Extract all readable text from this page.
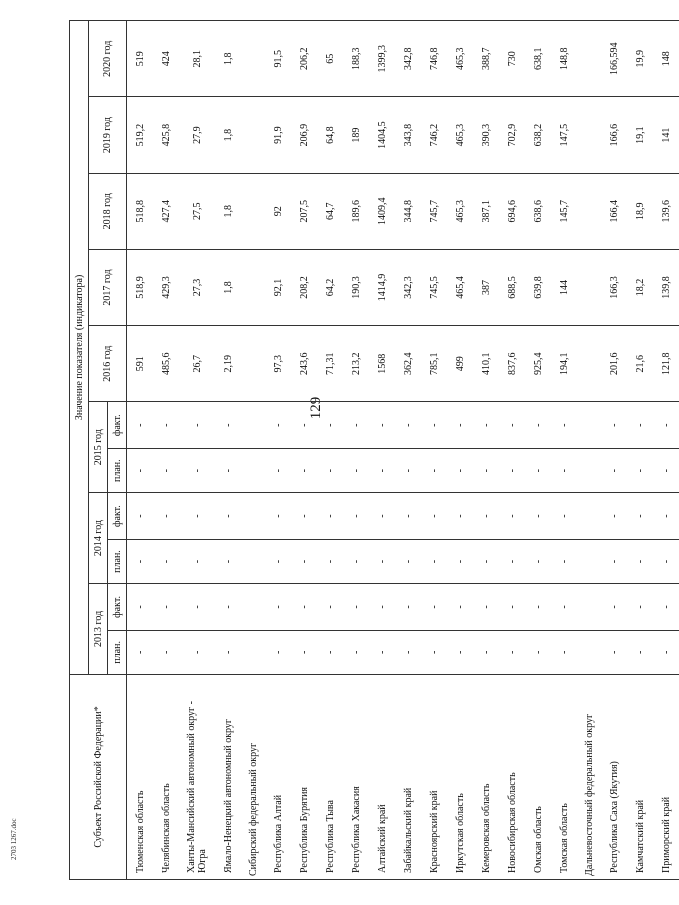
129
2703 1267.doc	Субъект Российской Федерации*	Значение показателя (индикатора)										
	2013 год		2014 год		2015 год		2016 год	2017 год	2018 год	2019 год	2020 год
	план.	факт.	план.	факт.	план.	факт.					
Тюменская область	-	-	-	-	-	-	591	518,9	518,8	519,2	519
Челябинская область	-	-	-	-	-	-	485,6	429,3	427,4	425,8	424
Ханты-Мансийский автономный округ - Югра	-	-	-	-	-	-	26,7	27,3	27,5	27,9	28,1
Ямало-Ненецкий автономный округ	-	-	-	-	-	-	2,19	1,8	1,8	1,8	1,8
Сибирский федеральный округ											
Республика Алтай	-	-	-	-	-	-	97,3	92,1	92	91,9	91,5
Республика Бурятия	-	-	-	-	-	-	243,6	208,2	207,5	206,9	206,2
Республика Тыва	-	-	-	-	-	-	71,31	64,2	64,7	64,8	65
Республика Хакасия	-	-	-	-	-	-	213,2	190,3	189,6	189	188,3
Алтайский край	-	-	-	-	-	-	1568	1414,9	1409,4	1404,5	1399,3
Забайкальский край	-	-	-	-	-	-	362,4	342,3	344,8	343,8	342,8
Красноярский край	-	-	-	-	-	-	785,1	745,5	745,7	746,2	746,8
Иркутская область	-	-	-	-	-	-	499	465,4	465,3	465,3	465,3
Кемеровская область	-	-	-	-	-	-	410,1	387	387,1	390,3	388,7
Новосибирская область	-	-	-	-	-	-	837,6	688,5	694,6	702,9	730
Омская область	-	-	-	-	-	-	925,4	639,8	638,6	638,2	638,1
Томская область	-	-	-	-	-	-	194,1	144	145,7	147,5	148,8
Дальневосточный федеральный округ											
Республика Саха (Якутия)	-	-	-	-	-	-	201,6	166,3	166,4	166,6	166,594
Камчатский край	-	-	-	-	-	-	21,6	18,2	18,9	19,1	19,9
Приморский край	-	-	-	-	-	-	121,8	139,8	139,6	141	148
